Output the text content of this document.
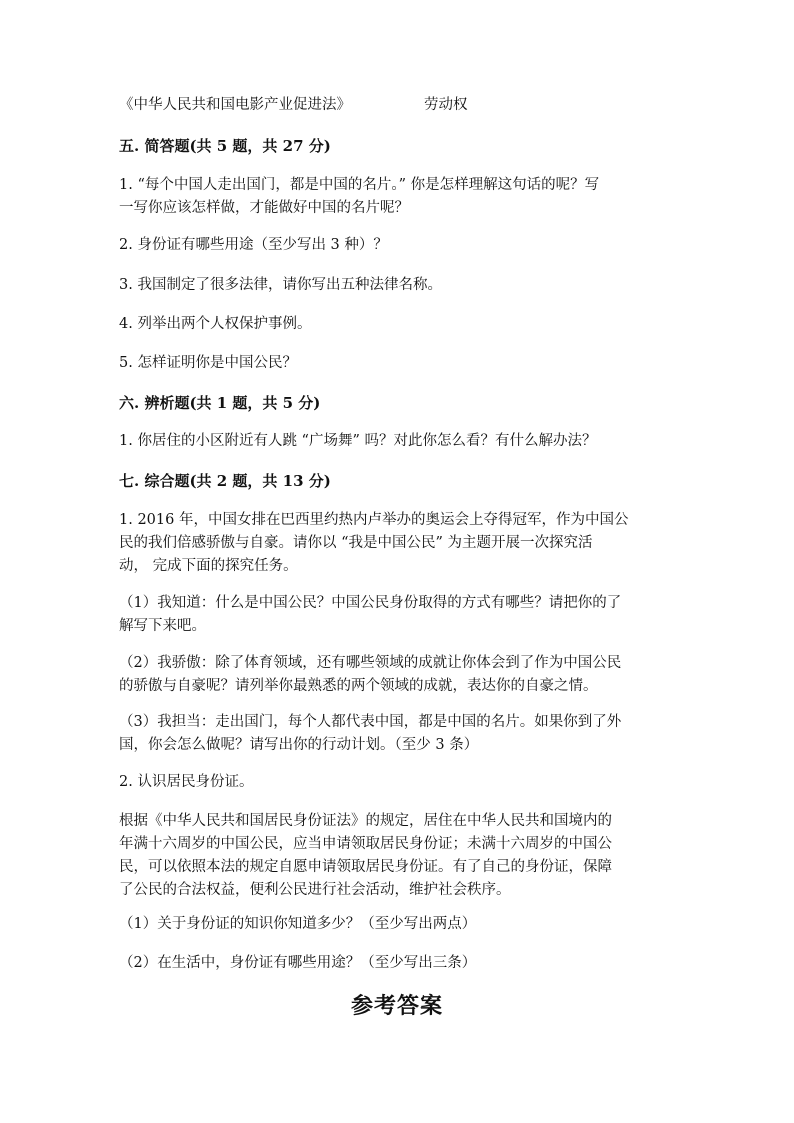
《中华人民共和国电影产业促进法》	劳动权
五. 简答题(共 5 题，共 27 分)
1. “每个中国人走出国门，都是中国的名片。” 你是怎样理解这句话的呢？写
一写你应该怎样做，才能做好中国的名片呢？
2. 身份证有哪些用途（至少写出 3 种）？
3. 我国制定了很多法律，请你写出五种法律名称。
4. 列举出两个人权保护事例。
5. 怎样证明你是中国公民？
六. 辨析题(共 1 题，共 5 分)
1. 你居住的小区附近有人跳 “广场舞” 吗？对此你怎么看？有什么解办法？
七. 综合题(共 2 题，共 13 分)
1. 2016 年，中国女排在巴西里约热内卢举办的奥运会上夺得冠军，作为中国公
民的我们倍感骄傲与自豪。请你以 “我是中国公民” 为主题开展一次探究活
动， 完成下面的探究任务。
（1）我知道：什么是中国公民？中国公民身份取得的方式有哪些？请把你的了
解写下来吧。
（2）我骄傲：除了体育领域，还有哪些领域的成就让你体会到了作为中国公民
的骄傲与自豪呢？请列举你最熟悉的两个领域的成就，表达你的自豪之情。
（3）我担当：走出国门，每个人都代表中国，都是中国的名片。如果你到了外
国，你会怎么做呢？请写出你的行动计划。（至少 3 条）
2. 认识居民身份证。
根据《中华人民共和国居民身份证法》的规定，居住在中华人民共和国境内的
年满十六周岁的中国公民，应当申请领取居民身份证；未满十六周岁的中国公
民，可以依照本法的规定自愿申请领取居民身份证。有了自己的身份证，保障
了公民的合法权益，便利公民进行社会活动，维护社会秩序。
（1）关于身份证的知识你知道多少？（至少写出两点）
（2）在生活中，身份证有哪些用途？（至少写出三条）
参考答案
